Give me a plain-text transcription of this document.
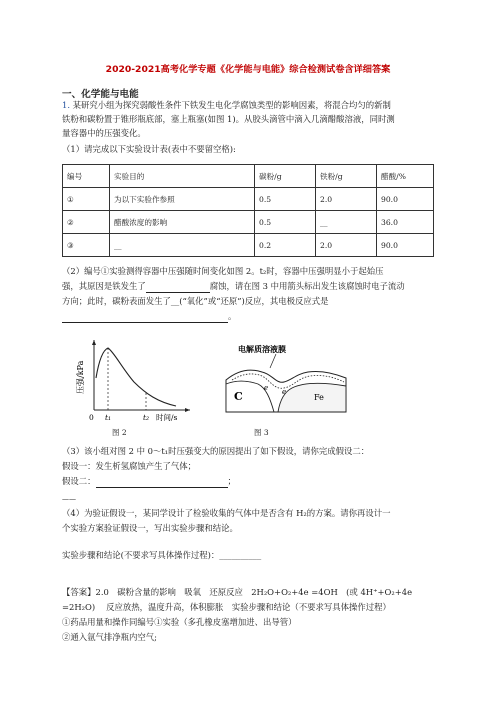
2020-2021高考化学专题《化学能与电能》综合检测试卷含详细答案
一、化学能与电能
1. 某研究小组为探究弱酸性条件下铁发生电化学腐蚀类型的影响因素，将混合均匀的新制
铁粉和碳粉置于锥形瓶底部，塞上瓶塞(如图 1)。从胶头滴管中滴入几滴醋酸溶液，同时测
量容器中的压强变化。
（1）请完成以下实验设计表(表中不要留空格):
编号	实验目的	碳粉/g	铁粉/g	醋酸/%
①	为以下实验作参照	0.5	2.0	90.0
②	醋酸浓度的影响	0.5	__	36.0
③	__	0.2	2.0	90.0
（2）编号①实验测得容器中压强随时间变化如图 2。t₂时，容器中压强明显小于起始压
强，其原因是铁发生了	腐蚀，请在图 3 中用箭头标出发生该腐蚀时电子流动
方向；此时，碳粉表面发生了__(“氧化”或“还原”)反应，其电极反应式是
。
压强/kPa
0 t₁	t₂ 时间/s
图 2
电解质溶液膜
C
e e
Fe
图 3
（3）该小组对图 2 中 0～t₁时压强变大的原因提出了如下假设，请你完成假设二：
假设一：发生析氢腐蚀产生了气体；
假设二：	；
——
（4）为验证假设一，某同学设计了检验收集的气体中是否含有 H₂的方案。请你再设计一
个实验方案验证假设一，写出实验步骤和结论。
实验步骤和结论(不要求写具体操作过程)：__________
【答案】2.0　碳粉含量的影响　吸氧　还原反应　2H₂O+O₂+4e =4OH　(或 4H⁺+O₂+4e
=2H₂O)　 反应放热，温度升高，体积膨胀　实验步骤和结论（不要求写具体操作过程）
①药品用量和操作同编号①实验（多孔橡皮塞增加进、出导管）
②通入氩气排净瓶内空气;
